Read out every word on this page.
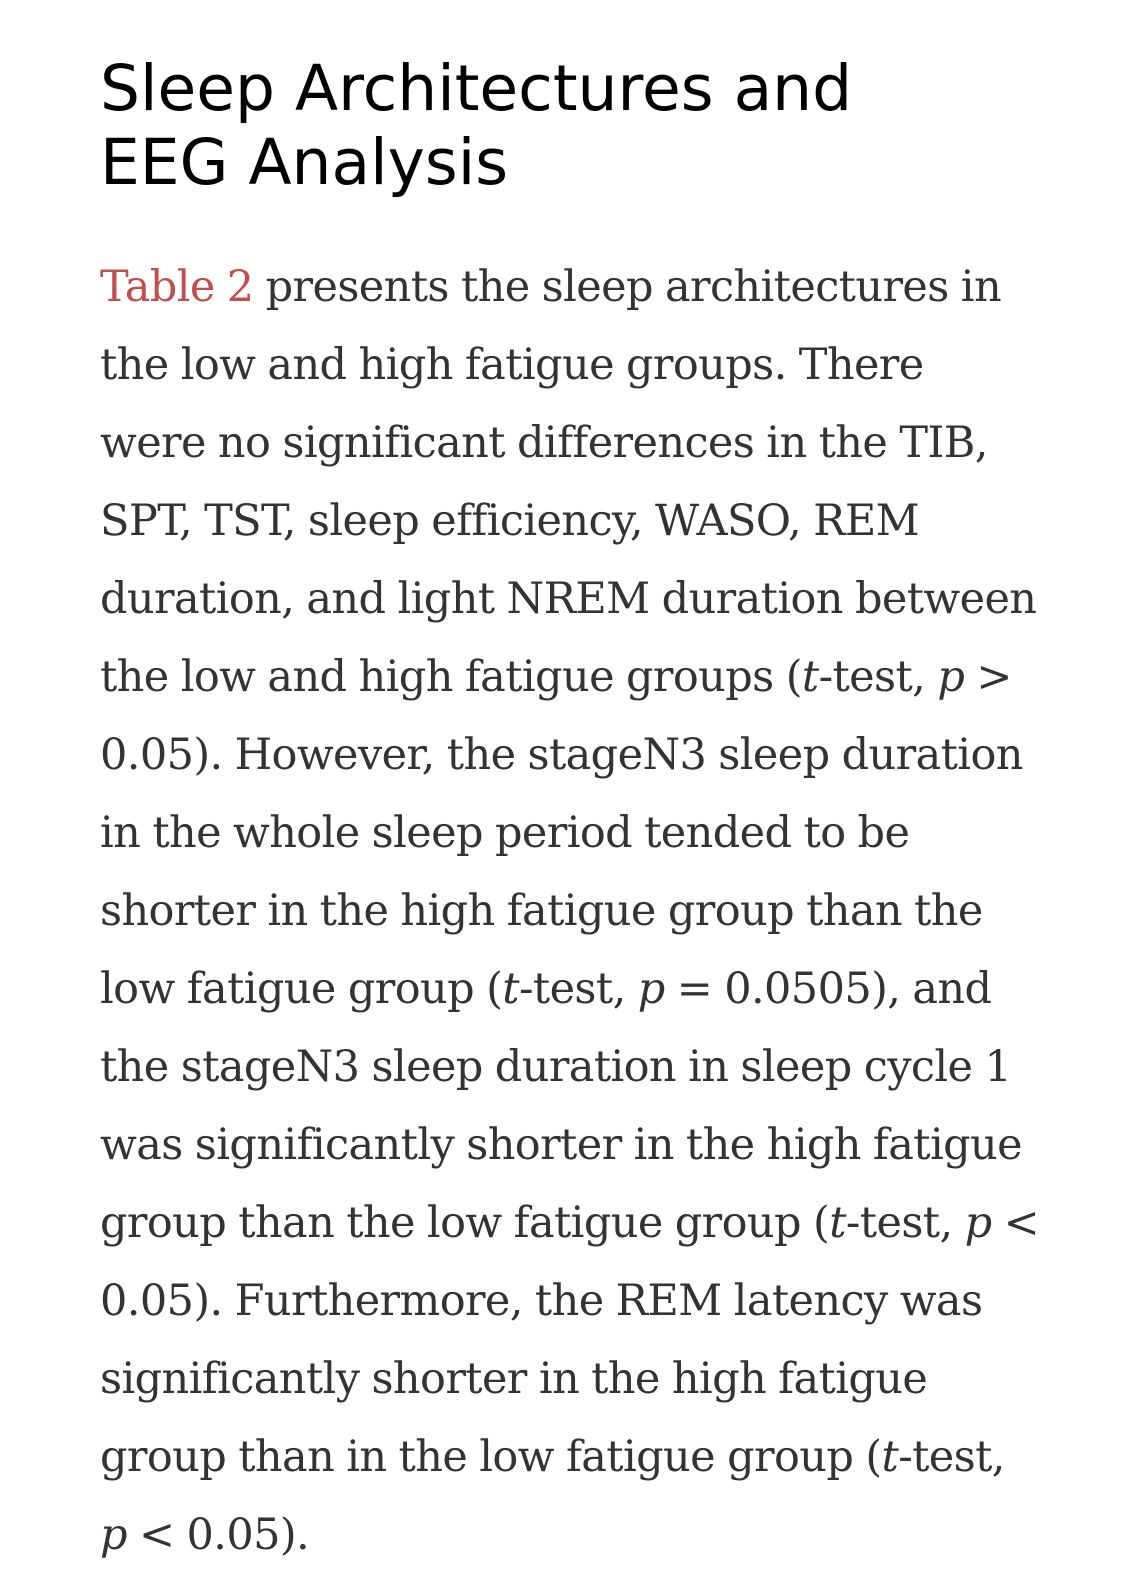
Sleep Architectures and
EEG Analysis

Table 2 presents the sleep architectures in the low and high fatigue groups. There were no significant differences in the TIB, SPT, TST, sleep efficiency, WASO, REM duration, and light NREM duration between the low and high fatigue groups (t-test, p > 0.05). However, the stageN3 sleep duration in the whole sleep period tended to be shorter in the high fatigue group than the low fatigue group (t-test, p = 0.0505), and the stageN3 sleep duration in sleep cycle 1 was significantly shorter in the high fatigue group than the low fatigue group (t-test, p < 0.05). Furthermore, the REM latency was significantly shorter in the high fatigue group than in the low fatigue group (t-test, p < 0.05).
